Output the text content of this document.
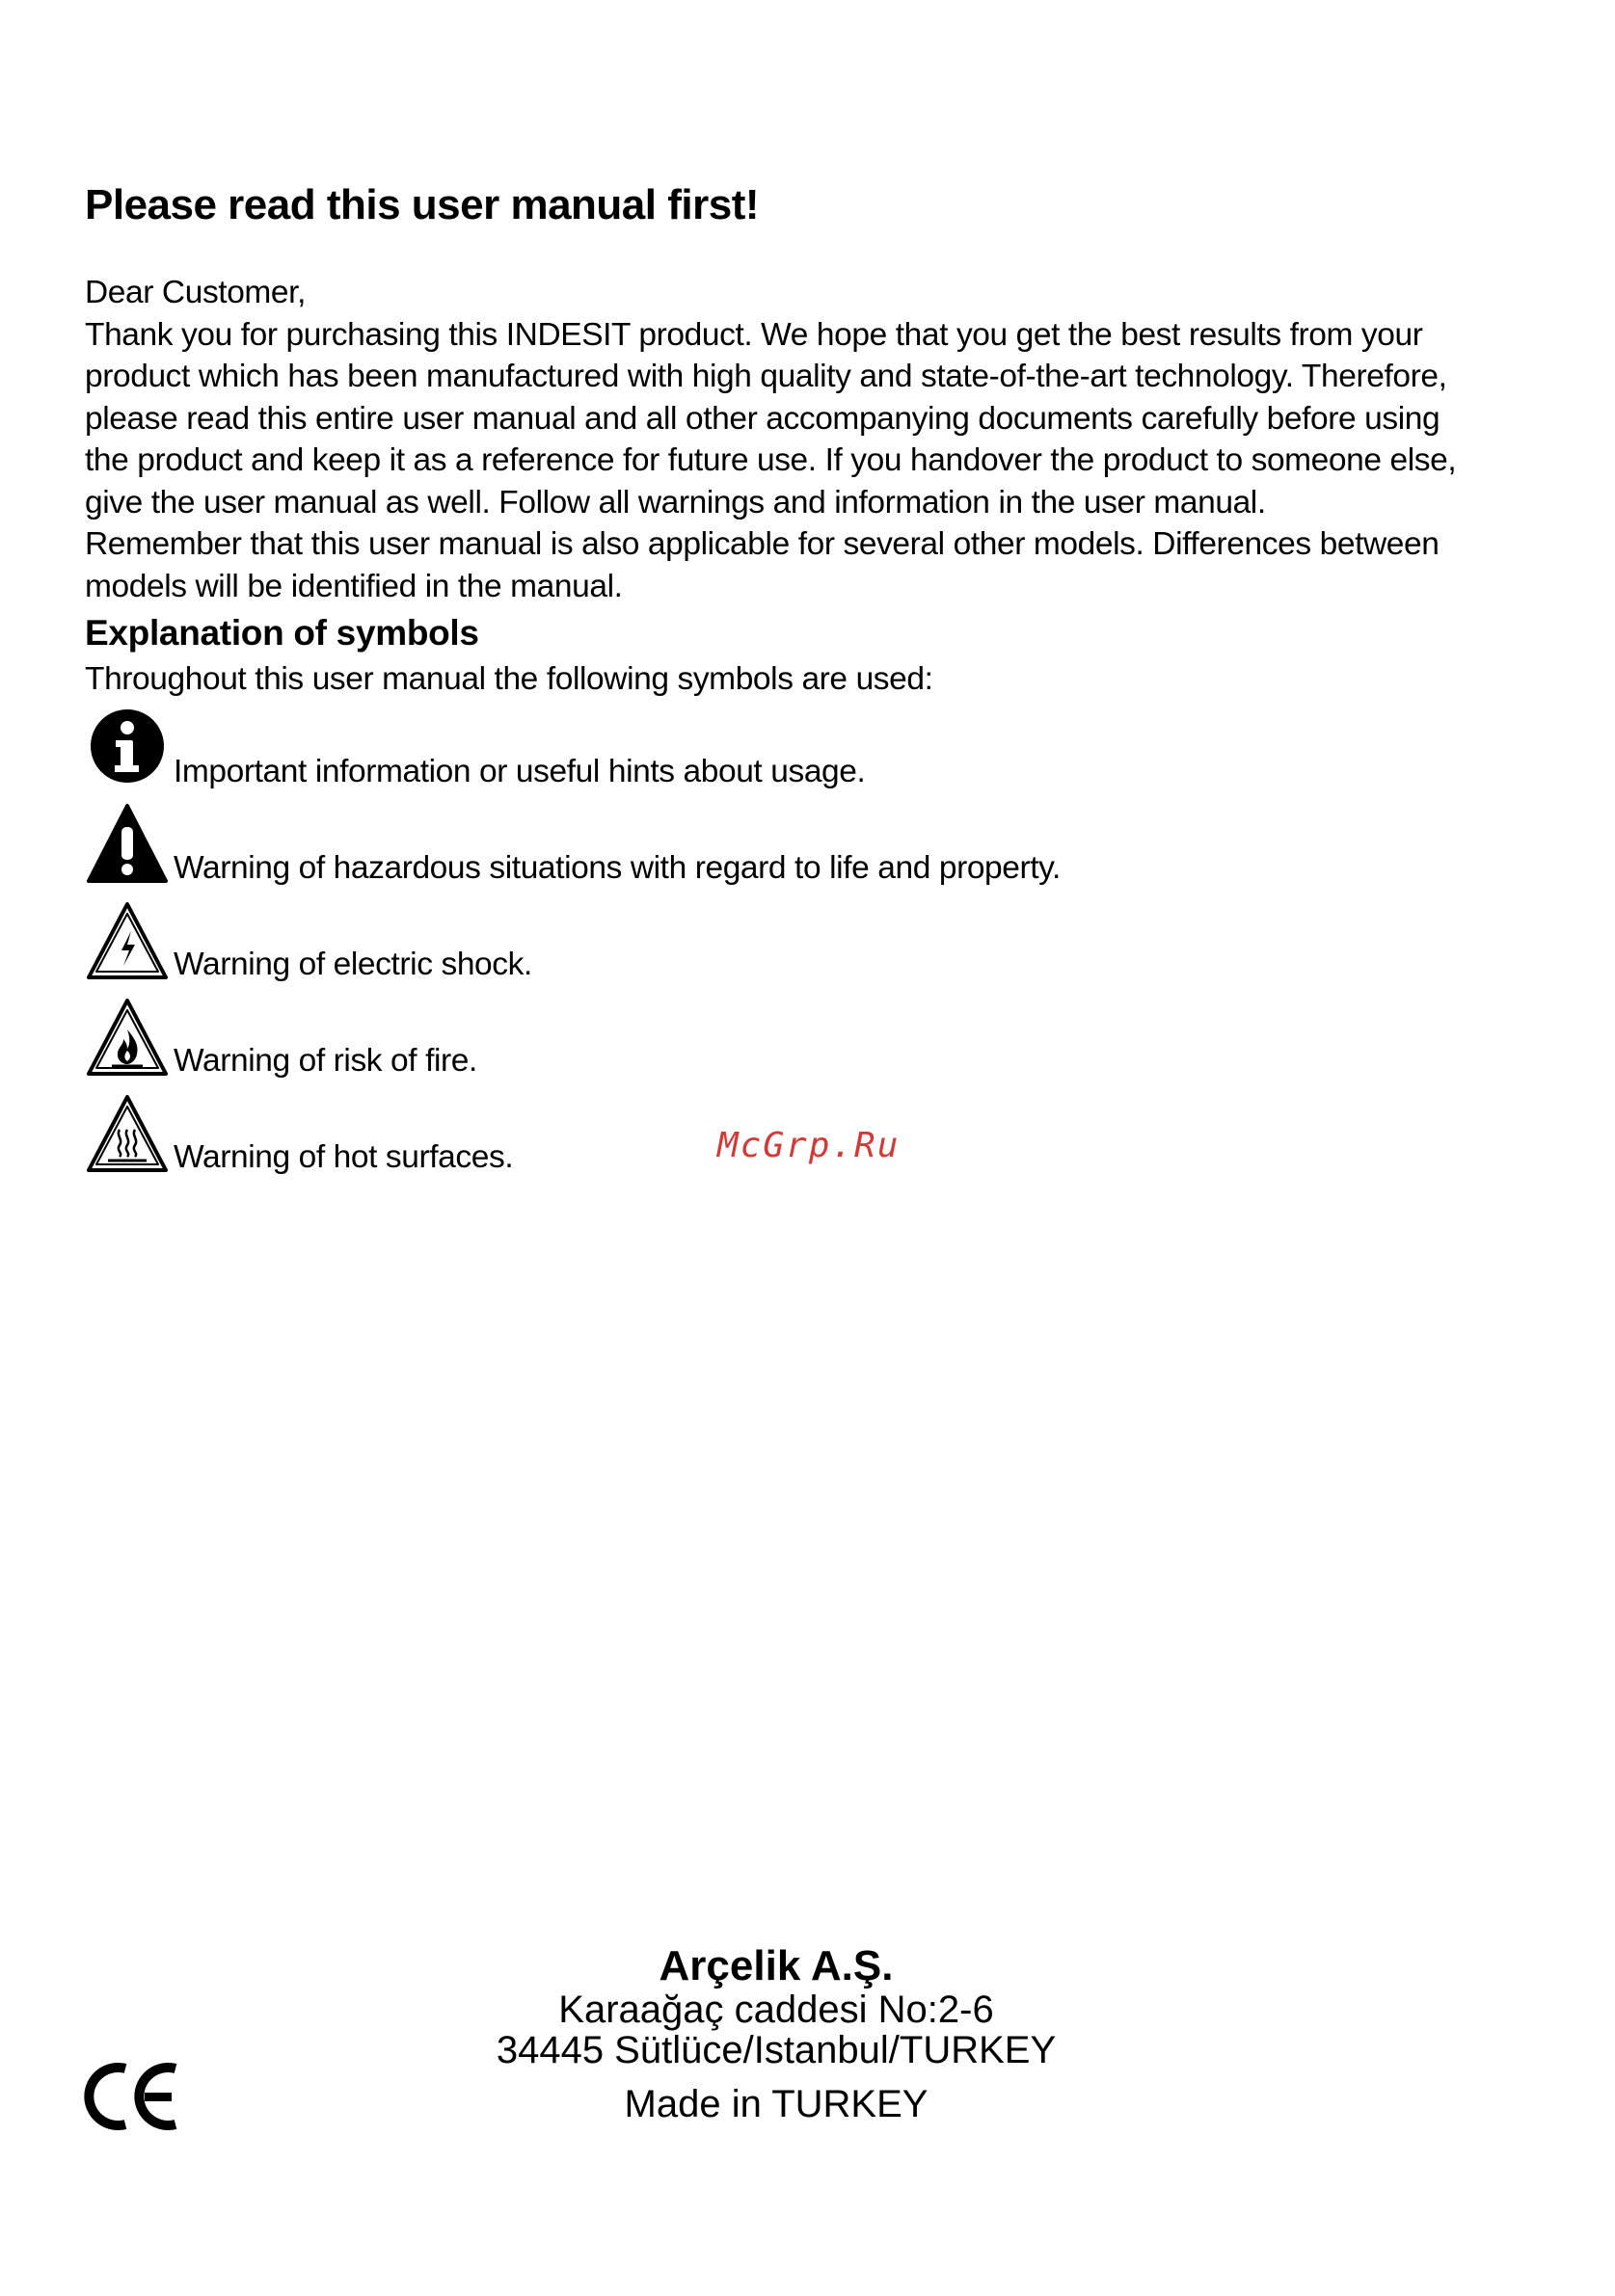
Please read this user manual first!

Dear Customer,

Thank you for purchasing this INDESIT product. We hope that you get the best results from your
product which has been manufactured with high quality and state-of-the-art technology. Therefore,
please read this entire user manual and all other accompanying documents carefully before using
the product and keep it as a reference for future use. If you handover the product to someone else,
give the user manual as well. Follow all warnings and information in the user manual.

Remember that this user manual is also applicable for several other models. Differences between
models will be identified in the manual.

Explanation of symbols
Throughout this user manual the following symbols are used:
Important information or useful hints about usage.
Warning of hazardous situations with regard to life and property.
Warning of electric shock.
Warning of risk of fire.
Warning of hot surfaces.	McGrp.Ru
Arçelik A.Ş.
Karaağaç caddesi No:2-6
34445 Sütlüce/Istanbul/TURKEY
Made in TURKEY
